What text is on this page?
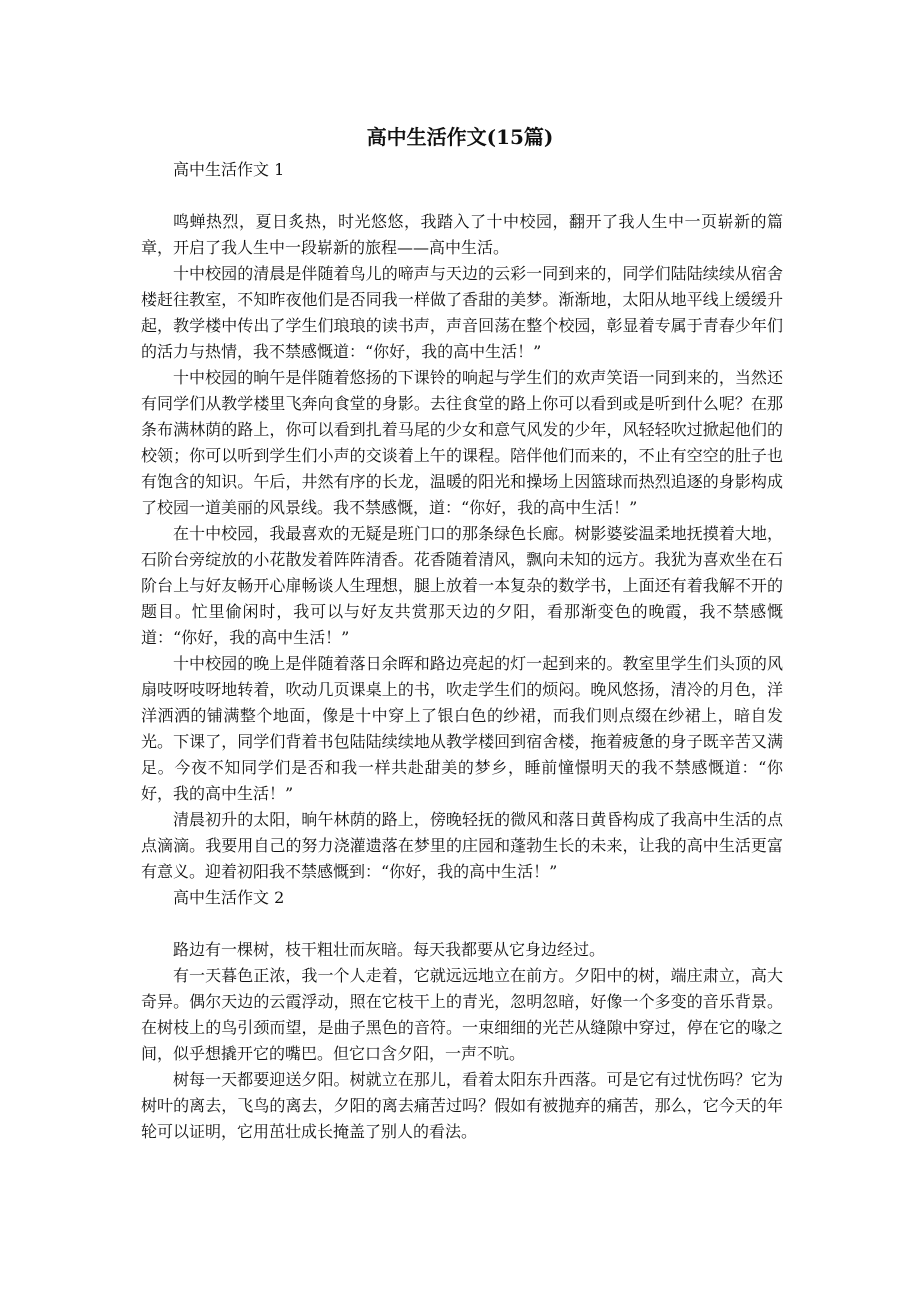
高中生活作文(15篇)
高中生活作文 1

鸣蝉热烈，夏日炙热，时光悠悠，我踏入了十中校园，翻开了我人生中一页崭新的篇章，开启了我人生中一段崭新的旅程——高中生活。

十中校园的清晨是伴随着鸟儿的啼声与天边的云彩一同到来的，同学们陆陆续续从宿舍楼赶往教室，不知昨夜他们是否同我一样做了香甜的美梦。渐渐地，太阳从地平线上缓缓升起，教学楼中传出了学生们琅琅的读书声，声音回荡在整个校园，彰显着专属于青春少年们的活力与热情，我不禁感慨道：“你好，我的高中生活！”

十中校园的晌午是伴随着悠扬的下课铃的响起与学生们的欢声笑语一同到来的，当然还有同学们从教学楼里飞奔向食堂的身影。去往食堂的路上你可以看到或是听到什么呢？在那条布满林荫的路上，你可以看到扎着马尾的少女和意气风发的少年，风轻轻吹过掀起他们的校领；你可以听到学生们小声的交谈着上午的课程。陪伴他们而来的，不止有空空的肚子也有饱含的知识。午后，井然有序的长龙，温暖的阳光和操场上因篮球而热烈追逐的身影构成了校园一道美丽的风景线。我不禁感慨，道：“你好，我的高中生活！”

在十中校园，我最喜欢的无疑是班门口的那条绿色长廊。树影婆娑温柔地抚摸着大地，石阶台旁绽放的小花散发着阵阵清香。花香随着清风，飘向未知的远方。我犹为喜欢坐在石阶台上与好友畅开心扉畅谈人生理想，腿上放着一本复杂的数学书，上面还有着我解不开的题目。忙里偷闲时，我可以与好友共赏那天边的夕阳，看那渐变色的晚霞，我不禁感慨道：“你好，我的高中生活！”

十中校园的晚上是伴随着落日余晖和路边亮起的灯一起到来的。教室里学生们头顶的风扇吱呀吱呀地转着，吹动几页课桌上的书，吹走学生们的烦闷。晚风悠扬，清冷的月色，洋洋洒洒的铺满整个地面，像是十中穿上了银白色的纱裙，而我们则点缀在纱裙上，暗自发光。下课了，同学们背着书包陆陆续续地从教学楼回到宿舍楼，拖着疲惫的身子既辛苦又满足。今夜不知同学们是否和我一样共赴甜美的梦乡，睡前憧憬明天的我不禁感慨道：“你好，我的高中生活！”

清晨初升的太阳，晌午林荫的路上，傍晚轻抚的微风和落日黄昏构成了我高中生活的点点滴滴。我要用自己的努力浇灌遗落在梦里的庄园和蓬勃生长的未来，让我的高中生活更富有意义。迎着初阳我不禁感慨到：“你好，我的高中生活！”

高中生活作文 2

路边有一棵树，枝干粗壮而灰暗。每天我都要从它身边经过。

有一天暮色正浓，我一个人走着，它就远远地立在前方。夕阳中的树，端庄肃立，高大奇异。偶尔天边的云霞浮动，照在它枝干上的青光，忽明忽暗，好像一个多变的音乐背景。在树枝上的鸟引颈而望，是曲子黑色的音符。一束细细的光芒从缝隙中穿过，停在它的喙之间，似乎想撬开它的嘴巴。但它口含夕阳，一声不吭。

树每一天都要迎送夕阳。树就立在那儿，看着太阳东升西落。可是它有过忧伤吗？它为树叶的离去，飞鸟的离去，夕阳的离去痛苦过吗？假如有被抛弃的痛苦，那么，它今天的年轮可以证明，它用茁壮成长掩盖了别人的看法。
